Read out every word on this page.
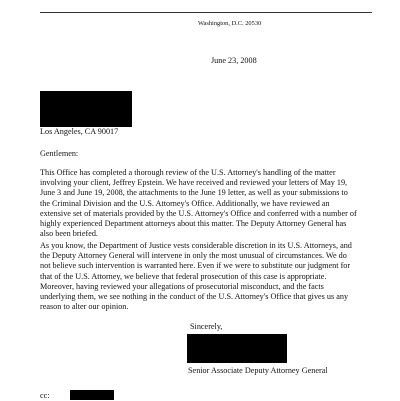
Washington, D.C. 20530
June 23, 2008
Los Angeles, CA 90017
Gentlemen:

This Office has completed a thorough review of the U.S. Attorney's handling of the matter

involving your client, Jeffrey Epstein. We have received and reviewed your letters of May 19,

June 3 and June 19, 2008, the attachments to the June 19 letter, as well as your submissions to

the Criminal Division and the U.S. Attorney's Office. Additionally, we have reviewed an

extensive set of materials provided by the U.S. Attorney's Office and conferred with a number of

highly experienced Department attorneys about this matter. The Deputy Attorney General has

also been briefed.

As you know, the Department of Justice vests considerable discretion in its U.S. Attorneys, and

the Deputy Attorney General will intervene in only the most unusual of circumstances. We do

not believe such intervention is warranted here. Even if we were to substitute our judgment for

that of the U.S. Attorney, we believe that federal prosecution of this case is appropriate.

Moreover, having reviewed your allegations of prosecutorial misconduct, and the facts

underlying them, we see nothing in the conduct of the U.S. Attorney's Office that gives us any

reason to alter our opinion.

Sincerely,
Senior Associate Deputy Attorney General
cc:
